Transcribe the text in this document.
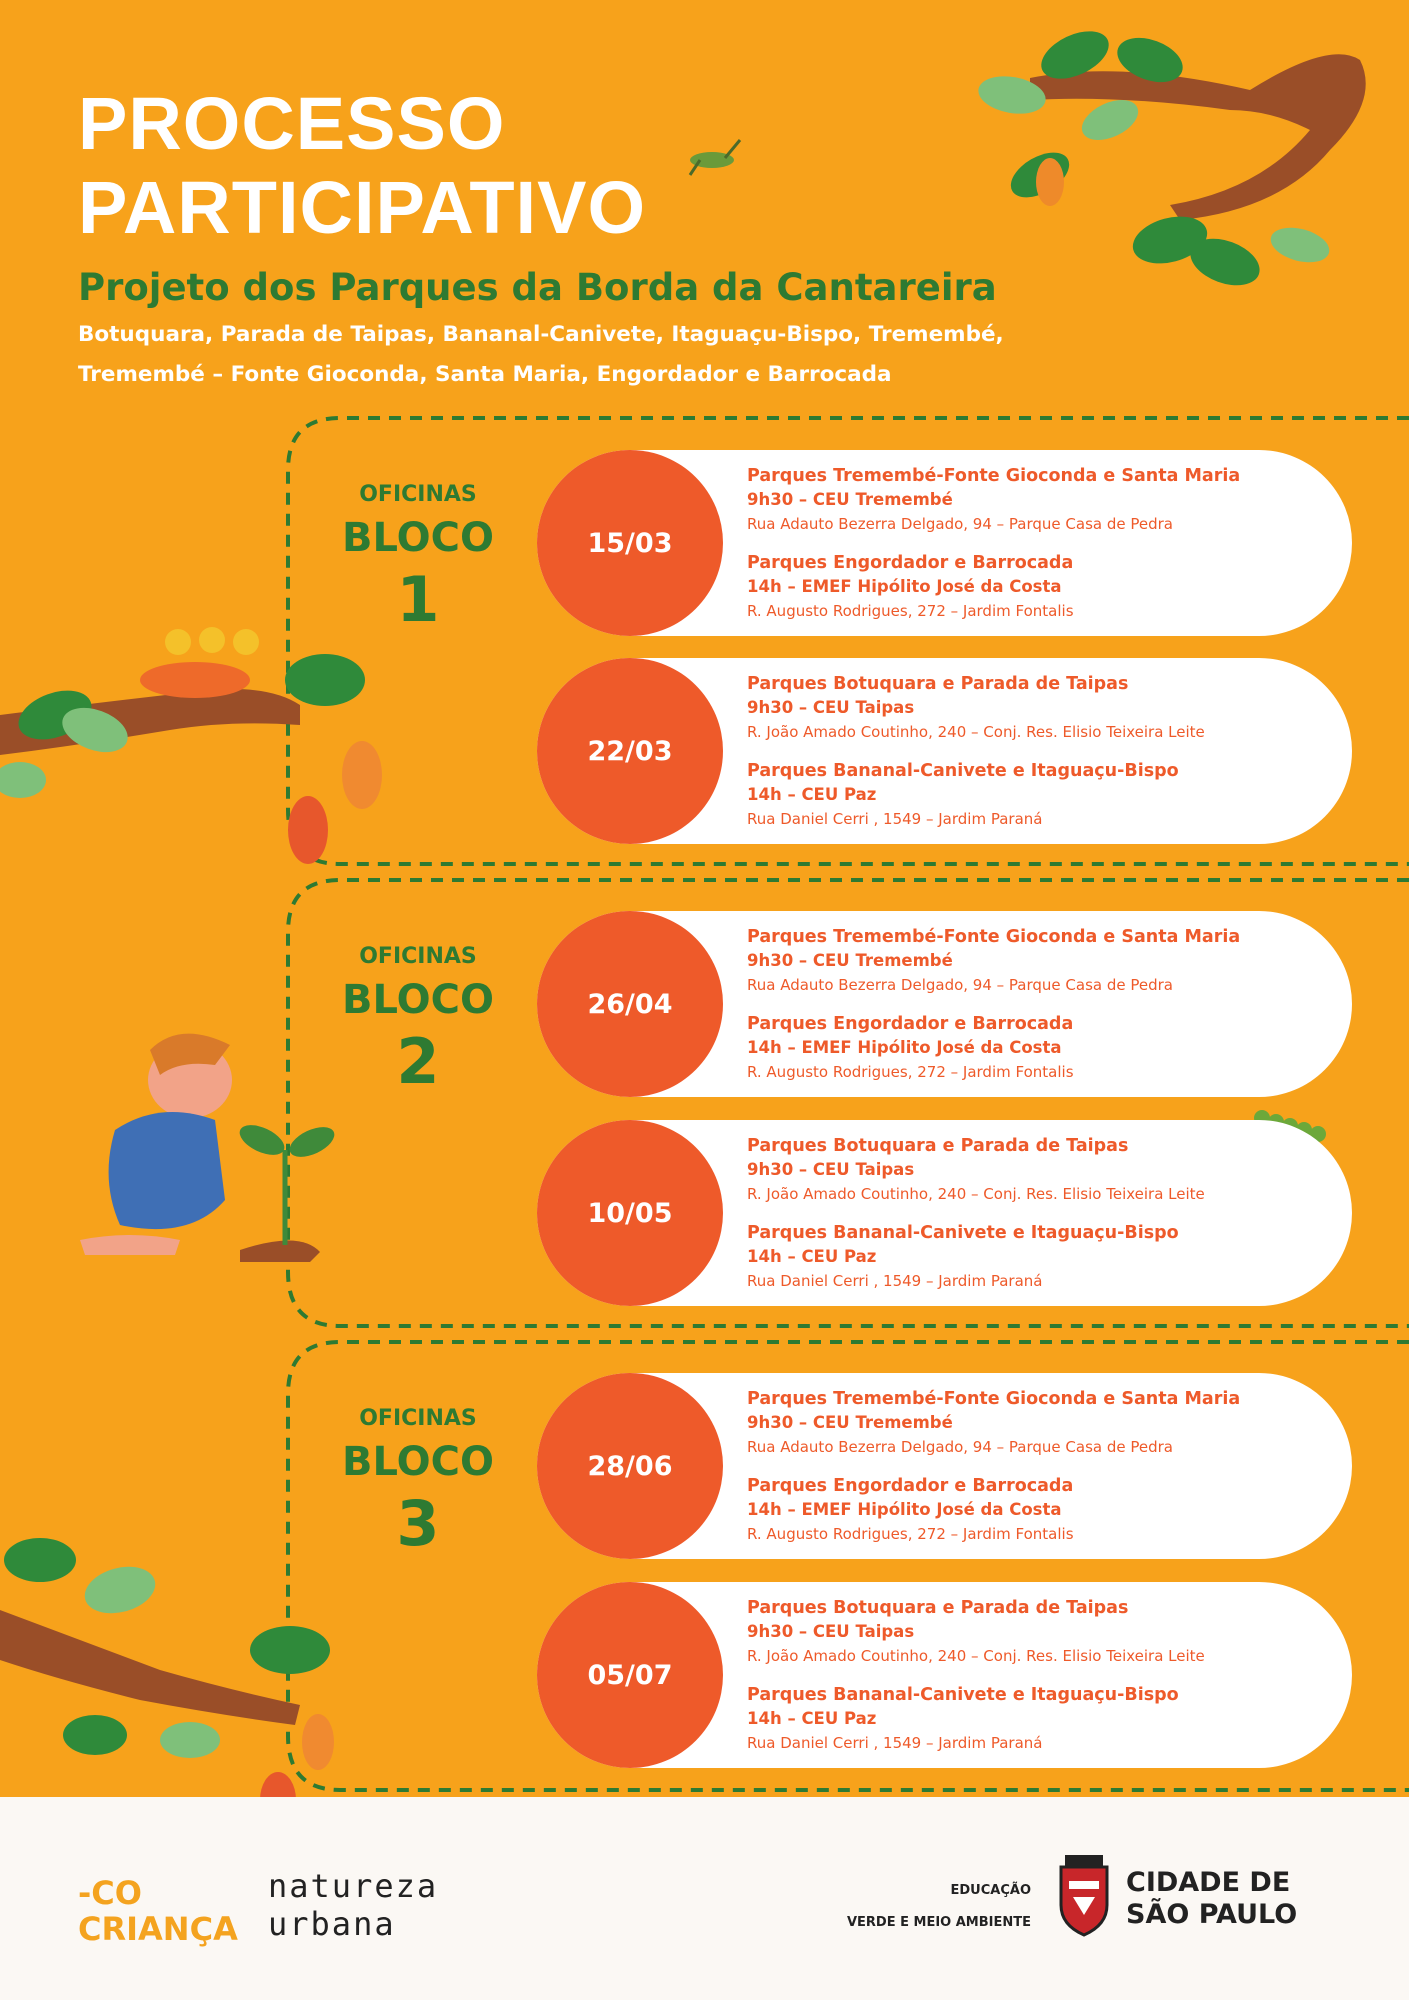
PROCESSO
PARTICIPATIVO
Projeto dos Parques da Borda da Cantareira
Botuquara, Parada de Taipas, Bananal-Canivete, Itaguaçu-Bispo, Tremembé,
Tremembé – Fonte Gioconda, Santa Maria, Engordador e Barrocada
OFICINAS
BLOCO
1
15/03
Parques Tremembé-Fonte Gioconda e Santa Maria
9h30 – CEU Tremembé
Rua Adauto Bezerra Delgado, 94 – Parque Casa de Pedra
Parques Engordador e Barrocada
14h – EMEF Hipólito José da Costa
R. Augusto Rodrigues, 272 – Jardim Fontalis
22/03
Parques Botuquara e Parada de Taipas
9h30 – CEU Taipas
R. João Amado Coutinho, 240 – Conj. Res. Elisio Teixeira Leite
Parques Bananal-Canivete e Itaguaçu-Bispo
14h – CEU Paz
Rua Daniel Cerri , 1549 – Jardim Paraná
OFICINAS
BLOCO
2
26/04
Parques Tremembé-Fonte Gioconda e Santa Maria
9h30 – CEU Tremembé
Rua Adauto Bezerra Delgado, 94 – Parque Casa de Pedra
Parques Engordador e Barrocada
14h – EMEF Hipólito José da Costa
R. Augusto Rodrigues, 272 – Jardim Fontalis
10/05
Parques Botuquara e Parada de Taipas
9h30 – CEU Taipas
R. João Amado Coutinho, 240 – Conj. Res. Elisio Teixeira Leite
Parques Bananal-Canivete e Itaguaçu-Bispo
14h – CEU Paz
Rua Daniel Cerri , 1549 – Jardim Paraná
OFICINAS
BLOCO
3
28/06
Parques Tremembé-Fonte Gioconda e Santa Maria
9h30 – CEU Tremembé
Rua Adauto Bezerra Delgado, 94 – Parque Casa de Pedra
Parques Engordador e Barrocada
14h – EMEF Hipólito José da Costa
R. Augusto Rodrigues, 272 – Jardim Fontalis
05/07
Parques Botuquara e Parada de Taipas
9h30 – CEU Taipas
R. João Amado Coutinho, 240 – Conj. Res. Elisio Teixeira Leite
Parques Bananal-Canivete e Itaguaçu-Bispo
14h – CEU Paz
Rua Daniel Cerri , 1549 – Jardim Paraná
-CO
CRIANÇA
natureza
urbana
EDUCAÇÃO
VERDE E MEIO AMBIENTE
CIDADE DE
SÃO PAULO
